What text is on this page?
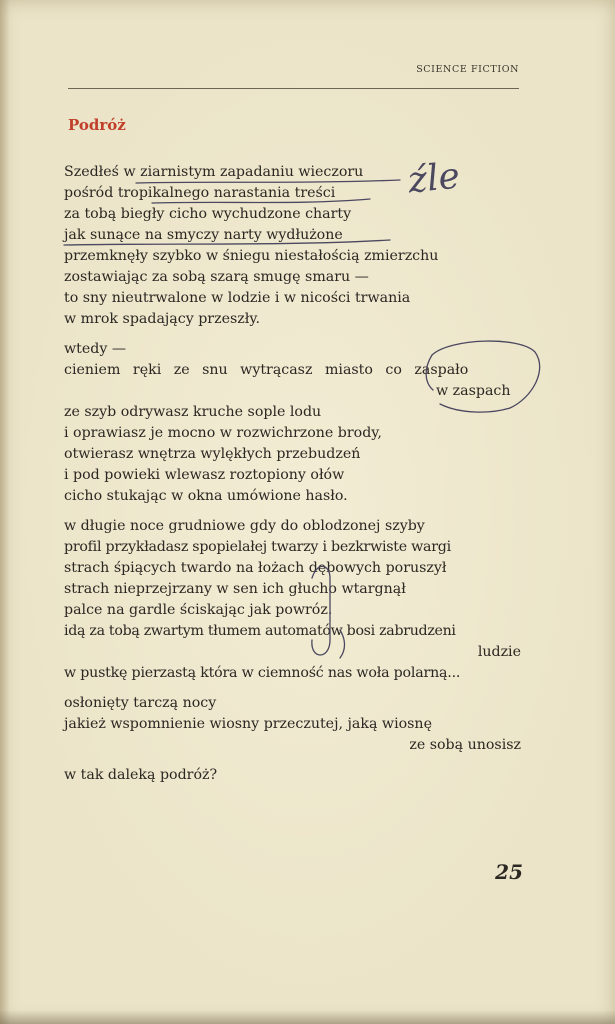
SCIENCE FICTION
Podróż
Szedłeś w ziarnistym zapadaniu wieczoru
pośród tropikalnego narastania treści
za tobą biegły cicho wychudzone charty
jak sunące na smyczy narty wydłużone
przemknęły szybko w śniegu niestałością zmierzchu
zostawiając za sobą szarą smugę smaru —
to sny nieutrwalone w lodzie i w nicości trwania
w mrok spadający przeszły.
wtedy —
cieniem ręki ze snu wytrącasz miasto co zaspało
w zaspach
ze szyb odrywasz kruche sople lodu
i oprawiasz je mocno w rozwichrzone brody,
otwierasz wnętrza wylękłych przebudzeń
i pod powieki wlewasz roztopiony ołów
cicho stukając w okna umówione hasło.
w długie noce grudniowe gdy do oblodzonej szyby
profil przykładasz spopielałej twarzy i bezkrwiste wargi
strach śpiących twardo na łożach dębowych poruszył
strach nieprzejrzany w sen ich głucho wtargnął
palce na gardle ściskając jak powróz.
idą za tobą zwartym tłumem automatów bosi zabrudzeni
ludzie
w pustkę pierzastą która w ciemność nas woła polarną...
osłonięty tarczą nocy
jakież wspomnienie wiosny przeczutej, jaką wiosnę
ze sobą unosisz
w tak daleką podróż?
źle
25
